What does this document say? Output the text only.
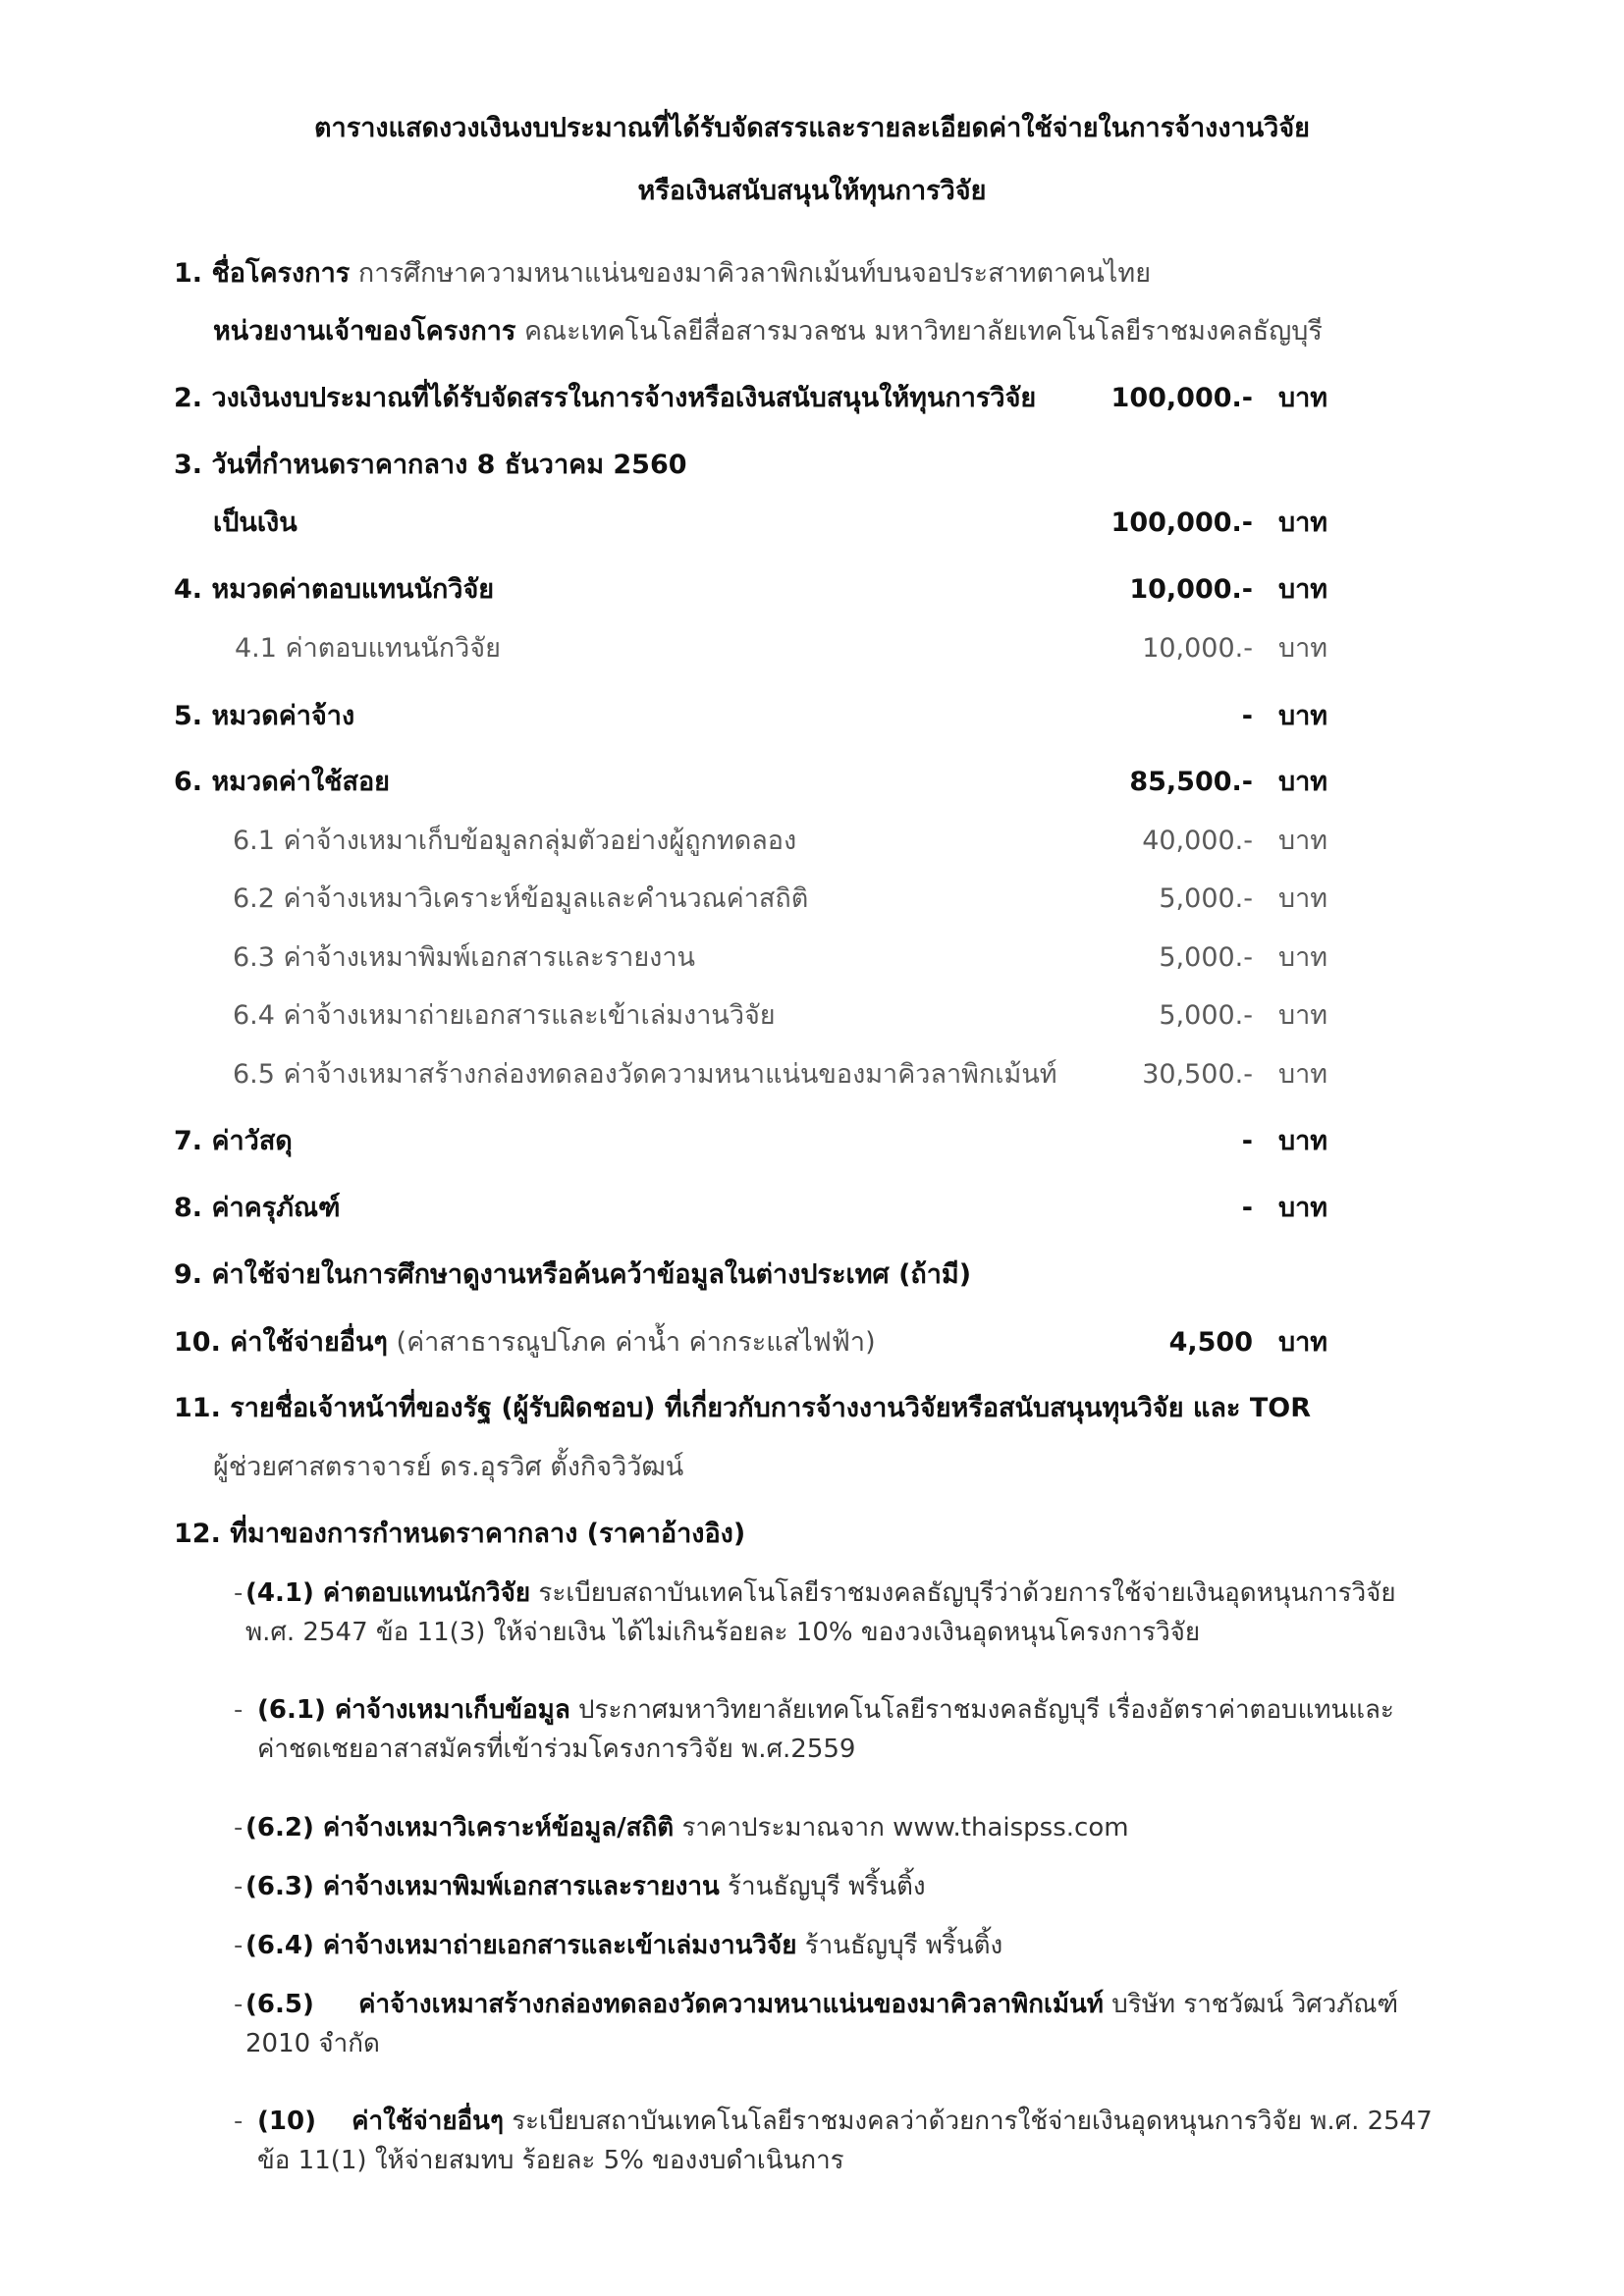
ตารางแสดงวงเงินงบประมาณที่ได้รับจัดสรรและรายละเอียดค่าใช้จ่ายในการจ้างงานวิจัย
หรือเงินสนับสนุนให้ทุนการวิจัย
1. ชื่อโครงการ การศึกษาความหนาแน่นของมาคิวลาพิกเม้นท์บนจอประสาทตาคนไทย
หน่วยงานเจ้าของโครงการ คณะเทคโนโลยีสื่อสารมวลชน มหาวิทยาลัยเทคโนโลยีราชมงคลธัญบุรี
2. วงเงินงบประมาณที่ได้รับจัดสรรในการจ้างหรือเงินสนับสนุนให้ทุนการวิจัย	100,000.- บาท
3. วันที่กำหนดราคากลาง 8 ธันวาคม 2560
เป็นเงิน	100,000.- บาท
4. หมวดค่าตอบแทนนักวิจัย	10,000.- บาท
4.1 ค่าตอบแทนนักวิจัย	10,000.- บาท
5. หมวดค่าจ้าง	- บาท
6. หมวดค่าใช้สอย	85,500.- บาท
6.1 ค่าจ้างเหมาเก็บข้อมูลกลุ่มตัวอย่างผู้ถูกทดลอง	40,000.- บาท
6.2 ค่าจ้างเหมาวิเคราะห์ข้อมูลและคำนวณค่าสถิติ	5,000.- บาท
6.3 ค่าจ้างเหมาพิมพ์เอกสารและรายงาน	5,000.- บาท
6.4 ค่าจ้างเหมาถ่ายเอกสารและเข้าเล่มงานวิจัย	5,000.- บาท
6.5 ค่าจ้างเหมาสร้างกล่องทดลองวัดความหนาแน่นของมาคิวลาพิกเม้นท์	30,500.- บาท
7. ค่าวัสดุ	- บาท
8. ค่าครุภัณฑ์	- บาท
9. ค่าใช้จ่ายในการศึกษาดูงานหรือค้นคว้าข้อมูลในต่างประเทศ (ถ้ามี)
10. ค่าใช้จ่ายอื่นๆ (ค่าสาธารณูปโภค ค่าน้ำ ค่ากระแสไฟฟ้า)	4,500 บาท
11. รายชื่อเจ้าหน้าที่ของรัฐ (ผู้รับผิดชอบ) ที่เกี่ยวกับการจ้างงานวิจัยหรือสนับสนุนทุนวิจัย และ TOR
ผู้ช่วยศาสตราจารย์ ดร.อุรวิศ ตั้งกิจวิวัฒน์
12. ที่มาของการกำหนดราคากลาง (ราคาอ้างอิง)
- (4.1) ค่าตอบแทนนักวิจัย ระเบียบสถาบันเทคโนโลยีราชมงคลธัญบุรีว่าด้วยการใช้จ่ายเงินอุดหนุนการวิจัย
พ.ศ. 2547 ข้อ 11(3) ให้จ่ายเงิน ได้ไม่เกินร้อยละ 10% ของวงเงินอุดหนุนโครงการวิจัย
- (6.1) ค่าจ้างเหมาเก็บข้อมูล ประกาศมหาวิทยาลัยเทคโนโลยีราชมงคลธัญบุรี เรื่องอัตราค่าตอบแทนและ
ค่าชดเชยอาสาสมัครที่เข้าร่วมโครงการวิจัย พ.ศ.2559
- (6.2) ค่าจ้างเหมาวิเคราะห์ข้อมูล/สถิติ ราคาประมาณจาก www.thaispss.com
- (6.3) ค่าจ้างเหมาพิมพ์เอกสารและรายงาน ร้านธัญบุรี พริ้นติ้ง
- (6.4) ค่าจ้างเหมาถ่ายเอกสารและเข้าเล่มงานวิจัย ร้านธัญบุรี พริ้นติ้ง
- (6.5)     ค่าจ้างเหมาสร้างกล่องทดลองวัดความหนาแน่นของมาคิวลาพิกเม้นท์ บริษัท ราชวัฒน์ วิศวภัณฑ์
2010 จำกัด
- (10)    ค่าใช้จ่ายอื่นๆ ระเบียบสถาบันเทคโนโลยีราชมงคลว่าด้วยการใช้จ่ายเงินอุดหนุนการวิจัย พ.ศ. 2547
ข้อ 11(1) ให้จ่ายสมทบ ร้อยละ 5% ของงบดำเนินการ
